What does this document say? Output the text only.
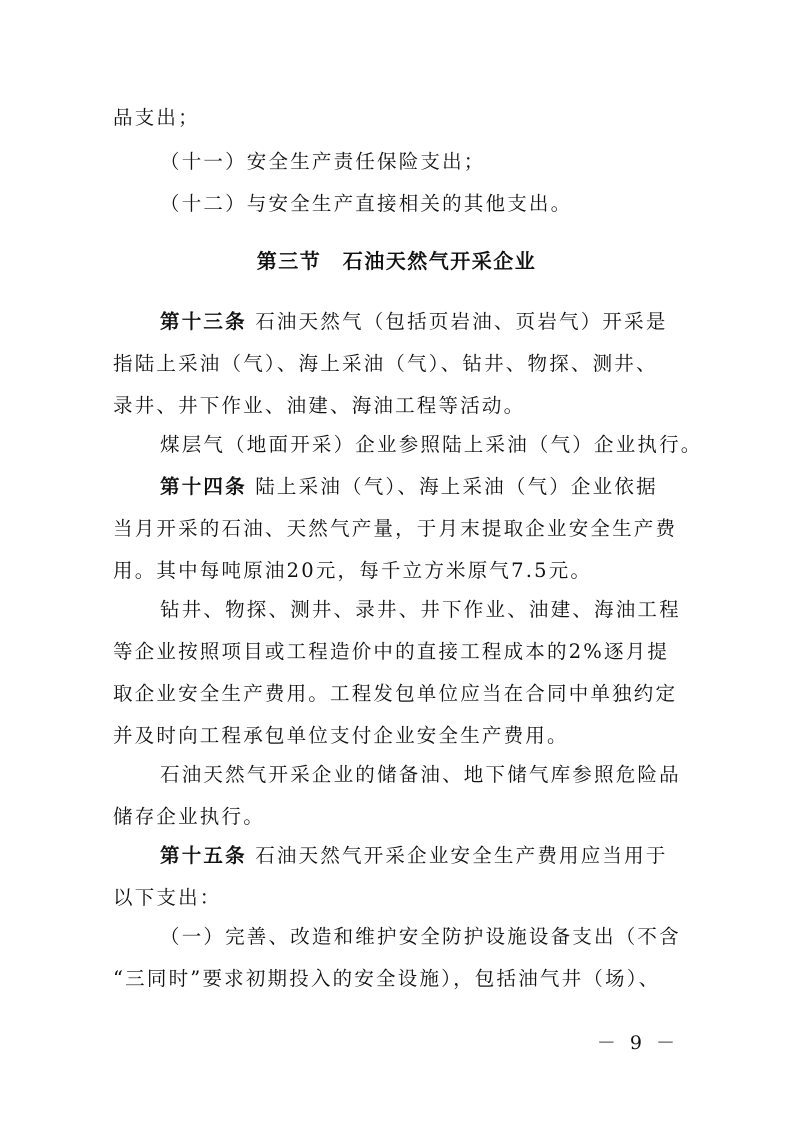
品支出；
（十一）安全生产责任保险支出；
（十二）与安全生产直接相关的其他支出。
第三节　石油天然气开采企业
第十三条 石油天然气（包括页岩油、页岩气）开采是
指陆上采油（气）、海上采油（气）、钻井、物探、测井、
录井、井下作业、油建、海油工程等活动。
煤层气（地面开采）企业参照陆上采油（气）企业执行。
第十四条 陆上采油（气）、海上采油（气）企业依据
当月开采的石油、天然气产量，于月末提取企业安全生产费
用。其中每吨原油20元，每千立方米原气7.5元。
钻井、物探、测井、录井、井下作业、油建、海油工程
等企业按照项目或工程造价中的直接工程成本的2%逐月提
取企业安全生产费用。工程发包单位应当在合同中单独约定
并及时向工程承包单位支付企业安全生产费用。
石油天然气开采企业的储备油、地下储气库参照危险品
储存企业执行。
第十五条 石油天然气开采企业安全生产费用应当用于
以下支出：
（一）完善、改造和维护安全防护设施设备支出（不含
“三同时”要求初期投入的安全设施），包括油气井（场）、
－ 9 －
